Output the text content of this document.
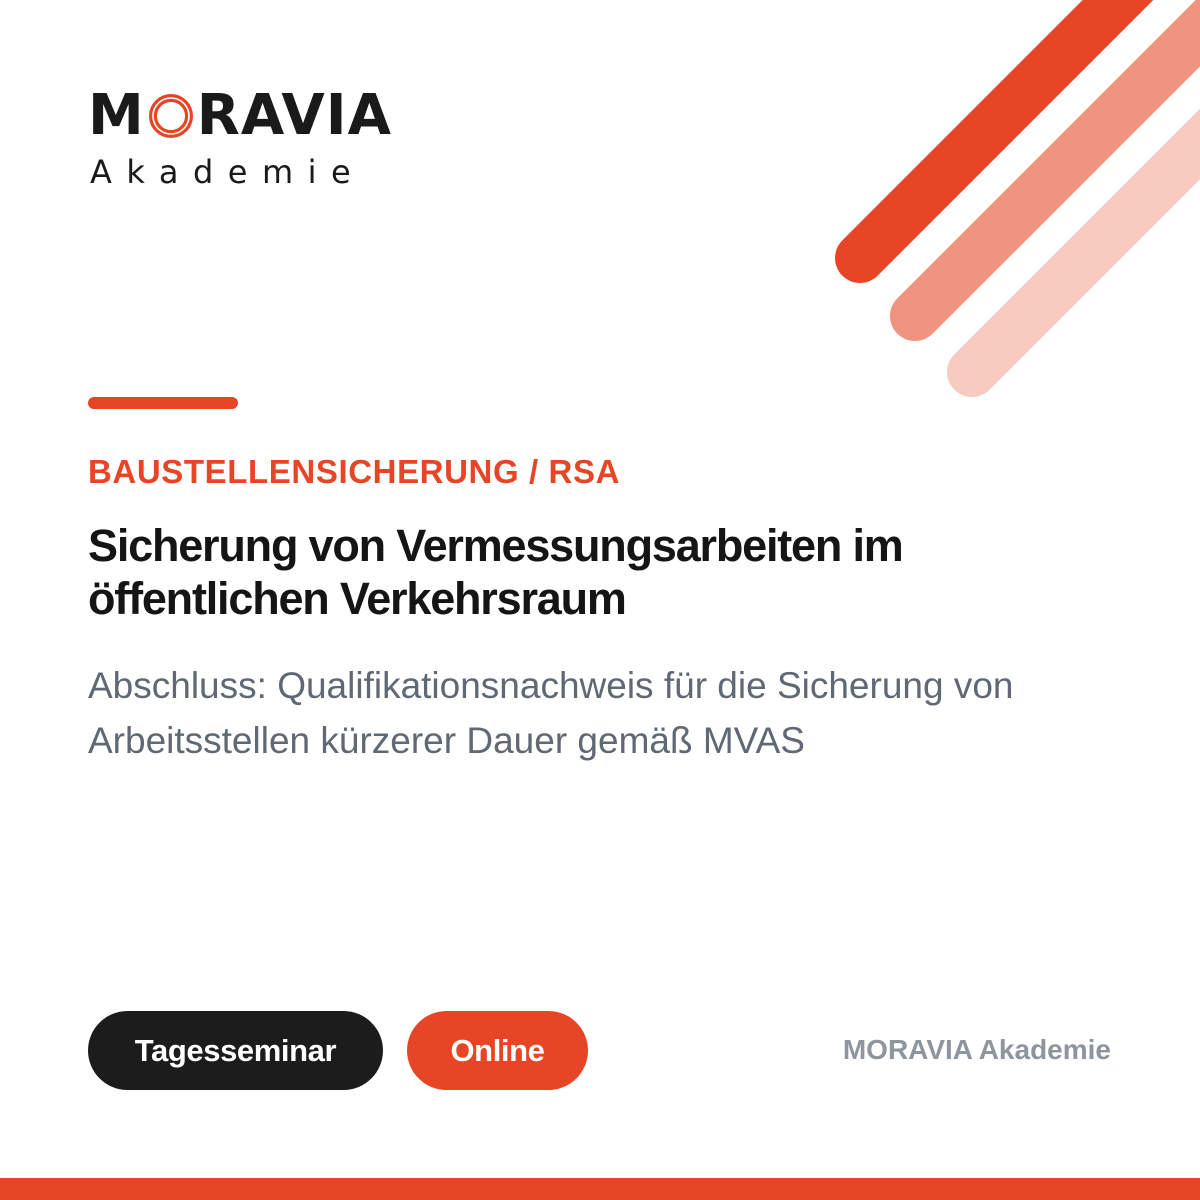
M RAVIA
Akademie
BAUSTELLENSICHERUNG / RSA
Sicherung von Vermessungsarbeiten im öffentlichen Verkehrsraum
Abschluss: Qualifikationsnachweis für die Sicherung von Arbeitsstellen kürzerer Dauer gemäß MVAS
Tagesseminar	Online	MORAVIA Akademie
